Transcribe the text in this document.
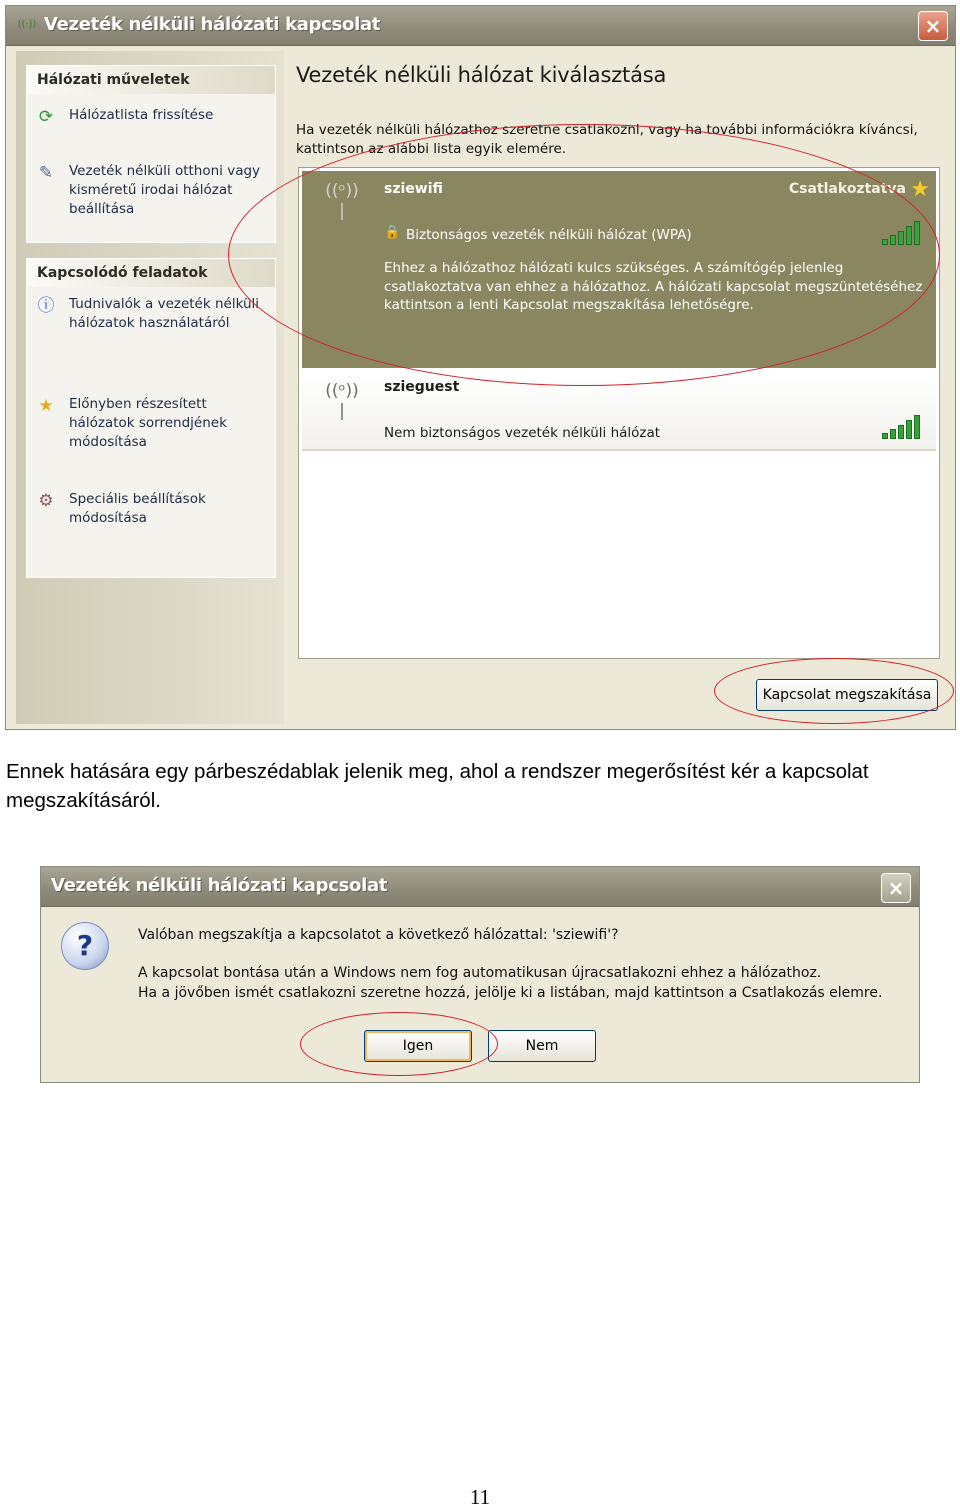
((·)) Vezeték nélküli hálózati kapcsolat	×
Hálózati műveletek
⟳ Hálózatlista frissítése
✎ Vezeték nélküli otthoni vagy kisméretű irodai hálózat beállítása
Kapcsolódó feladatok
ⓘ Tudnivalók a vezeték nélküli hálózatok használatáról
★ Előnyben részesített hálózatok sorrendjének módosítása
⚙ Speciális beállítások módosítása
Vezeték nélküli hálózat kiválasztása
Ha vezeték nélküli hálózathoz szeretne csatlakozni, vagy ha további információkra kíváncsi, kattintson az alábbi lista egyik elemére.
((ᵒ))
|
sziewifi	Csatlakoztatva ★
🔒 Biztonságos vezeték nélküli hálózat (WPA)
Ehhez a hálózathoz hálózati kulcs szükséges. A számítógép jelenleg csatlakoztatva van ehhez a hálózathoz. A hálózati kapcsolat megszüntetéséhez kattintson a lenti Kapcsolat megszakítása lehetőségre.
((ᵒ))
|
szieguest
Nem biztonságos vezeték nélküli hálózat
Kapcsolat megszakítása

Ennek hatására egy párbeszédablak jelenik meg, ahol a rendszer megerősítést kér a kapcsolat megszakításáról.

Vezeték nélküli hálózati kapcsolat	×
?	Valóban megszakítja a kapcsolatot a következő hálózattal: 'sziewifi'?
A kapcsolat bontása után a Windows nem fog automatikusan újracsatlakozni ehhez a hálózathoz.
Ha a jövőben ismét csatlakozni szeretne hozzá, jelölje ki a listában, majd kattintson a Csatlakozás elemre.
Igen	Nem
11
